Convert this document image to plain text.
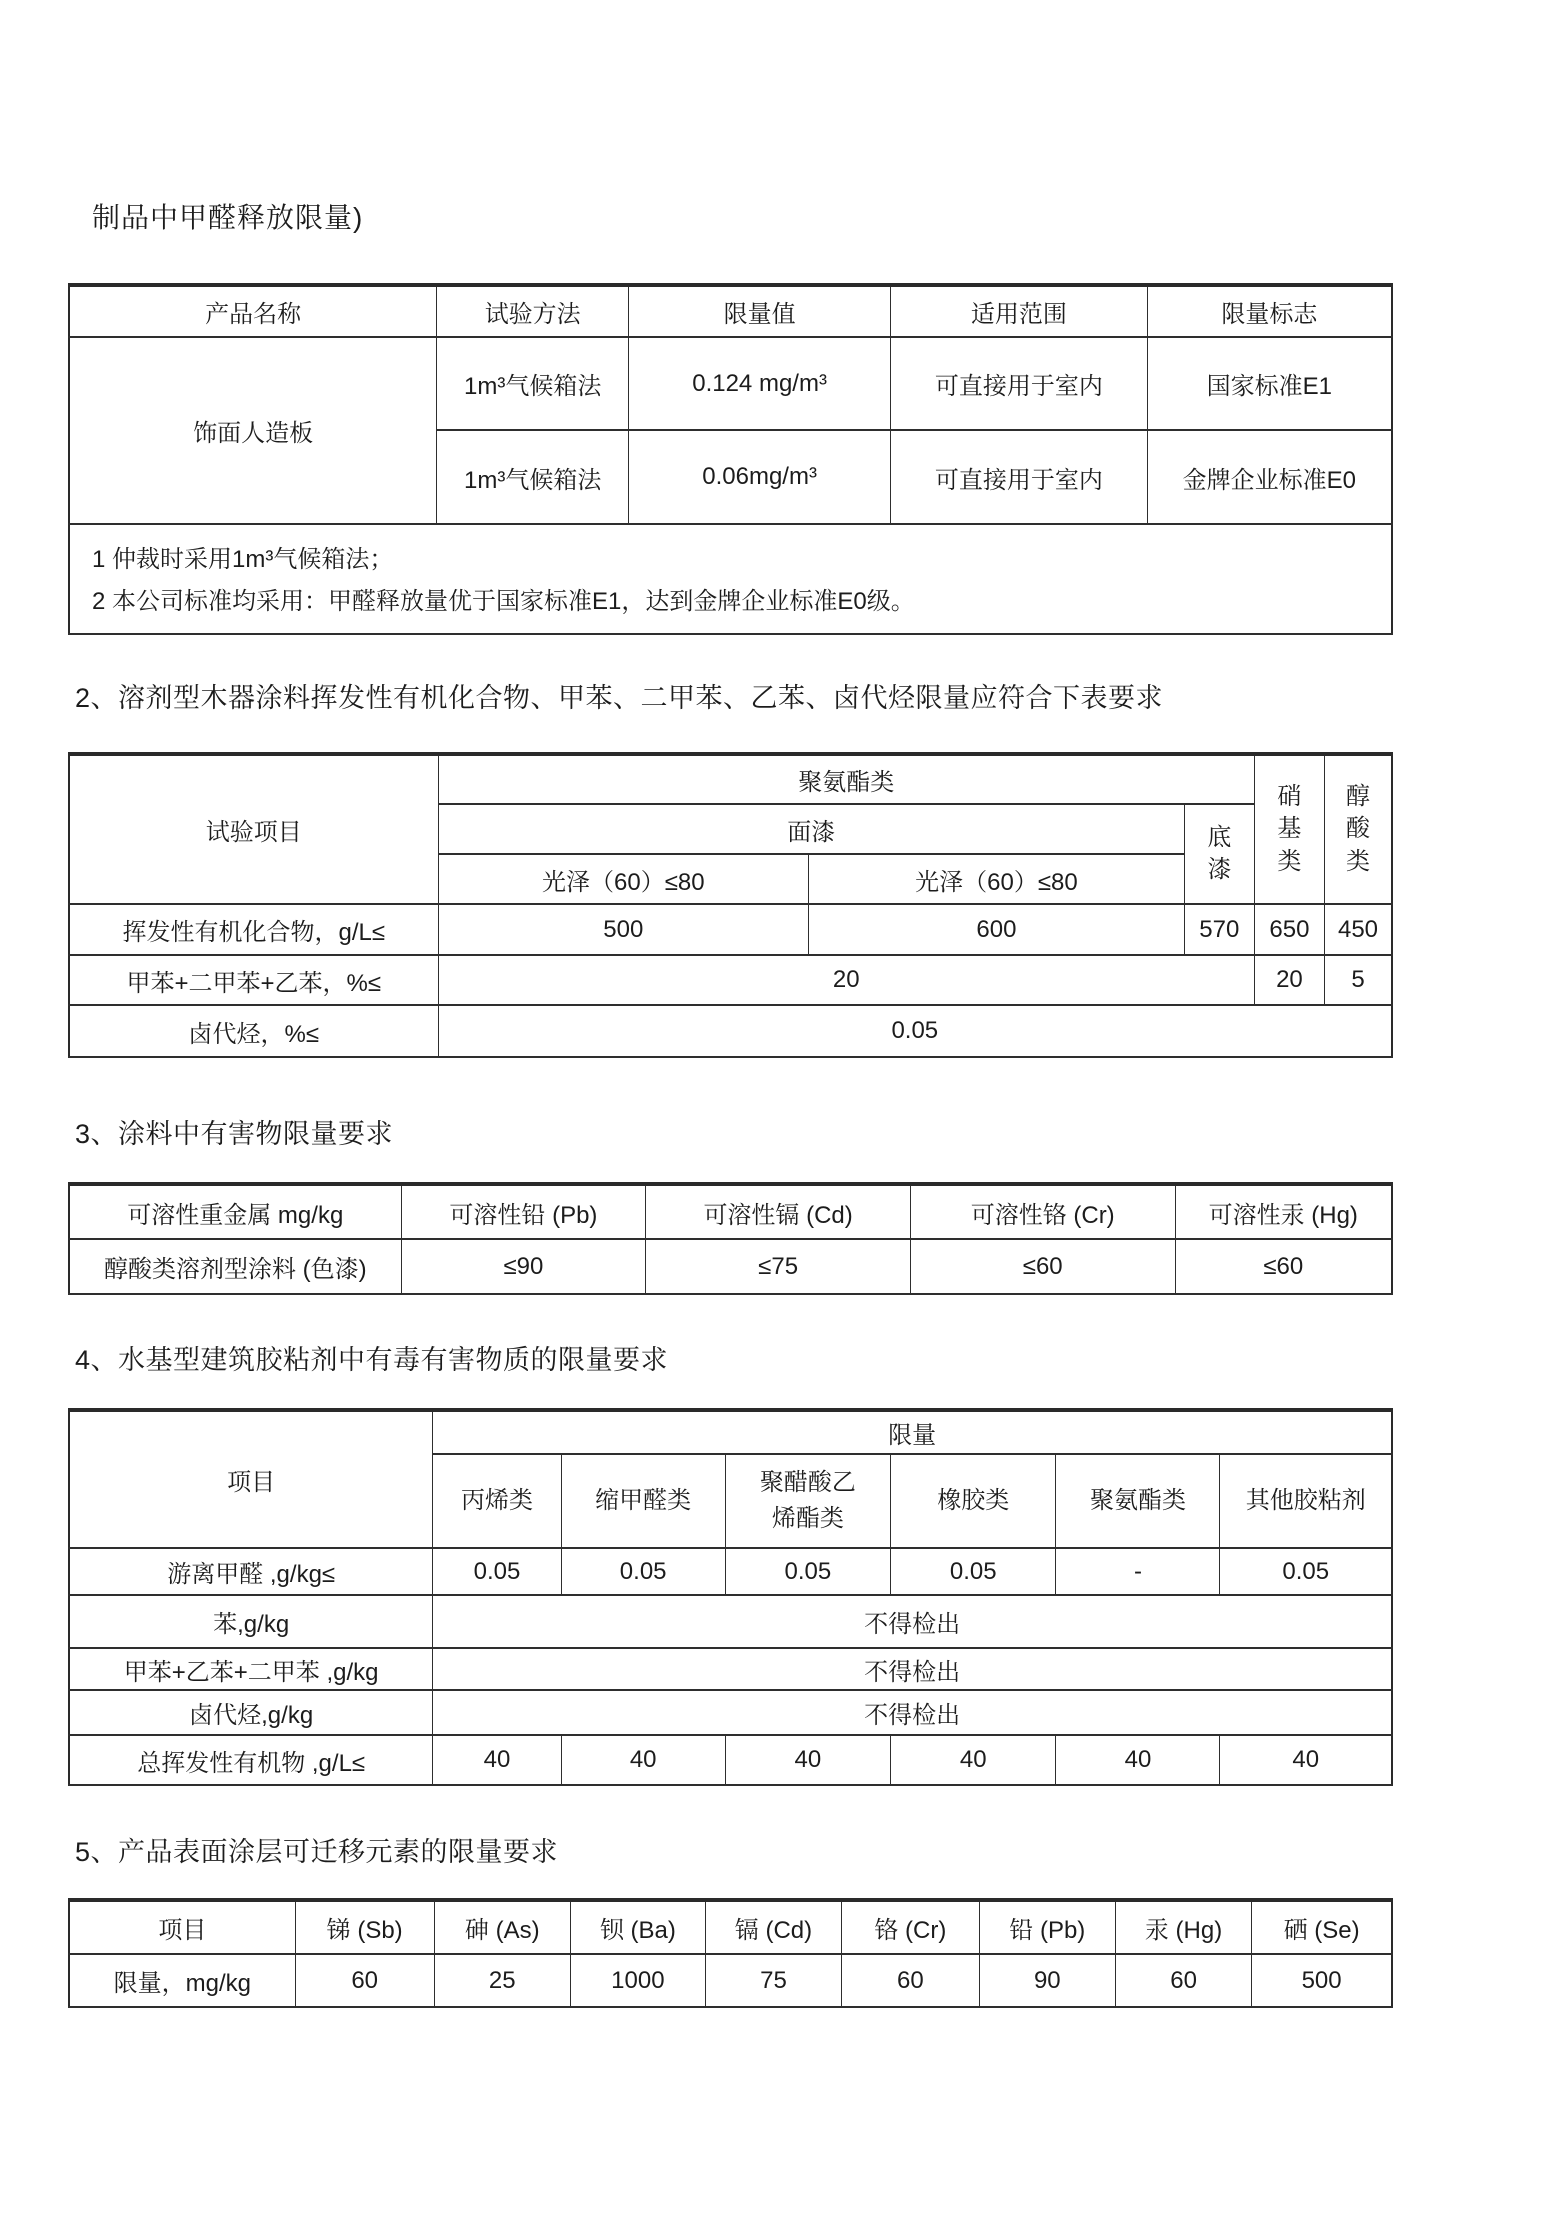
制品中甲醛释放限量)
产品名称	试验方法	限量值	适用范围	限量标志
饰面人造板	1m³气候箱法	0.124 mg/m³	可直接用于室内	国家标准E1
	1m³气候箱法	0.06mg/m³	可直接用于室内	金牌企业标准E0

1 仲裁时采用1m³气候箱法；
2 本公司标准均采用：甲醛释放量优于国家标准E1，达到金牌企业标准E0级。				
2、溶剂型木器涂料挥发性有机化合物、甲苯、二甲苯、乙苯、卤代烃限量应符合下表要求
试验项目	聚氨酯类			硝基类	醇酸类
	面漆		底漆		
	光泽（60）≤80	光泽（60）≤80			
挥发性有机化合物，g/L≤	500	600	570	650	450
甲苯+二甲苯+乙苯，%≤	20			20	5
卤代烃，%≤	0.05				
3、涂料中有害物限量要求
可溶性重金属 mg/kg	可溶性铅 (Pb)	可溶性镉 (Cd)	可溶性铬 (Cr)	可溶性汞 (Hg)
醇酸类溶剂型涂料 (色漆)	≤90	≤75	≤60	≤60
4、水基型建筑胶粘剂中有毒有害物质的限量要求
项目	限量					
	丙烯类	缩甲醛类	聚醋酸乙烯酯类	橡胶类	聚氨酯类	其他胶粘剂
游离甲醛 ,g/kg≤	0.05	0.05	0.05	0.05	-	0.05
苯,g/kg	不得检出					
甲苯+乙苯+二甲苯 ,g/kg	不得检出					
卤代烃,g/kg	不得检出					
总挥发性有机物 ,g/L≤	40	40	40	40	40	40
5、产品表面涂层可迁移元素的限量要求
项目	锑 (Sb)	砷 (As)	钡 (Ba)	镉 (Cd)	铬 (Cr)	铅 (Pb)	汞 (Hg)	硒 (Se)
限量，mg/kg	60	25	1000	75	60	90	60	500
